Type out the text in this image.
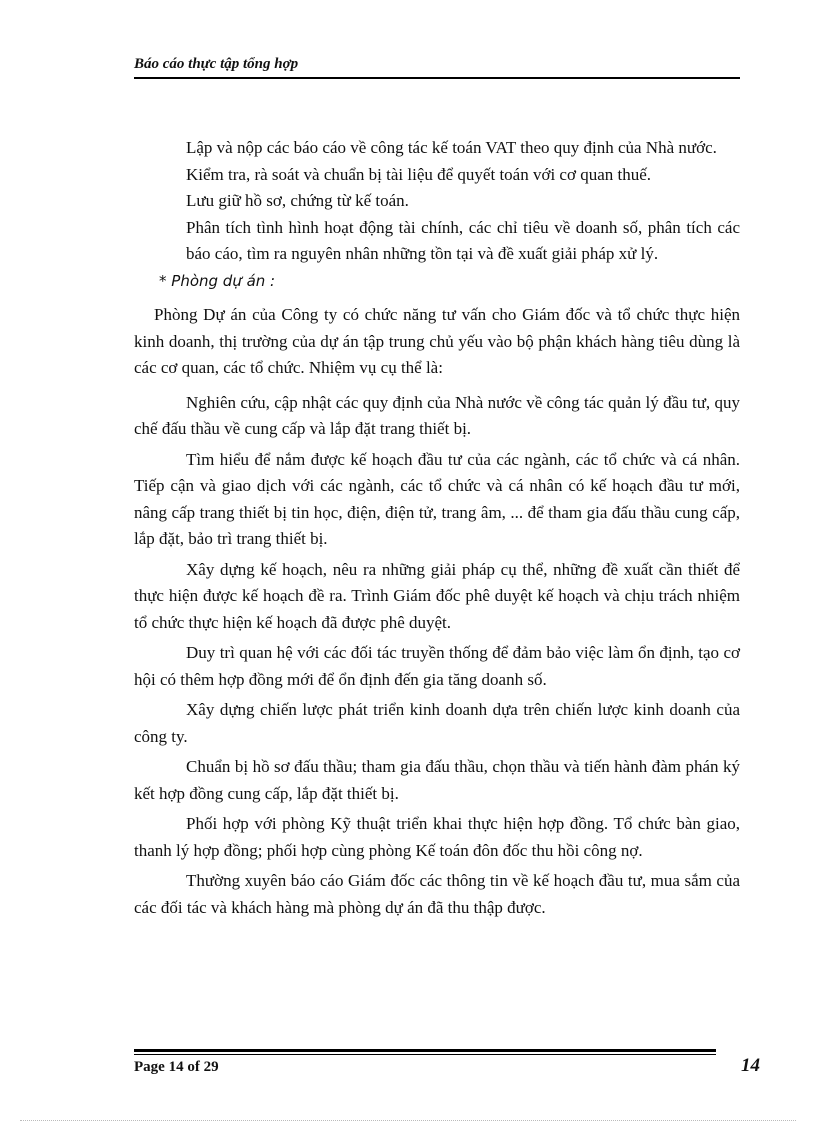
Báo cáo thực tập tổng hợp

Lập và nộp các báo cáo về công tác kế toán VAT theo quy định của Nhà nước.

Kiểm tra, rà soát và chuẩn bị tài liệu để quyết toán với cơ quan thuế.

Lưu giữ hồ sơ, chứng từ kế toán.

Phân tích tình hình hoạt động tài chính, các chỉ tiêu về doanh số, phân tích các báo cáo, tìm ra nguyên nhân những tồn tại và đề xuất giải pháp xử lý.

* Phòng dự án :

Phòng Dự án của Công ty có chức năng tư vấn cho Giám đốc và tổ chức thực hiện kinh doanh, thị trường của dự án tập trung chủ yếu vào bộ phận khách hàng tiêu dùng là các cơ quan, các tổ chức. Nhiệm vụ cụ thể là:

Nghiên cứu, cập nhật các quy định của Nhà nước về công tác quản lý đầu tư, quy chế đấu thầu về cung cấp và lắp đặt trang thiết bị.

Tìm hiểu để nắm được kế hoạch đầu tư của các ngành, các tổ chức và cá nhân. Tiếp cận và giao dịch với các ngành, các tổ chức và cá nhân có kế hoạch đầu tư mới, nâng cấp trang thiết bị tin học, điện, điện tử, trang âm, ... để tham gia đấu thầu cung cấp, lắp đặt, bảo trì trang thiết bị.

Xây dựng kế hoạch, nêu ra những giải pháp cụ thể, những đề xuất cần thiết để thực hiện được kế hoạch đề ra. Trình Giám đốc phê duyệt kế hoạch và chịu trách nhiệm tổ chức thực hiện kế hoạch đã được phê duyệt.

Duy trì quan hệ với các đối tác truyền thống để đảm bảo việc làm ổn định, tạo cơ hội có thêm hợp đồng mới để ổn định đến gia tăng doanh số.

Xây dựng chiến lược phát triển kinh doanh dựa trên chiến lược kinh doanh của công ty.

Chuẩn bị hồ sơ đấu thầu; tham gia đấu thầu, chọn thầu và tiến hành đàm phán ký kết hợp đồng cung cấp, lắp đặt thiết bị.

Phối hợp với phòng Kỹ thuật triển khai thực hiện hợp đồng. Tổ chức bàn giao, thanh lý hợp đồng; phối hợp cùng phòng Kế toán đôn đốc thu hồi công nợ.

Thường xuyên báo cáo Giám đốc các thông tin về kế hoạch đầu tư, mua sắm của các đối tác và khách hàng mà phòng dự án đã thu thập được.

Page 14 of 29	14
